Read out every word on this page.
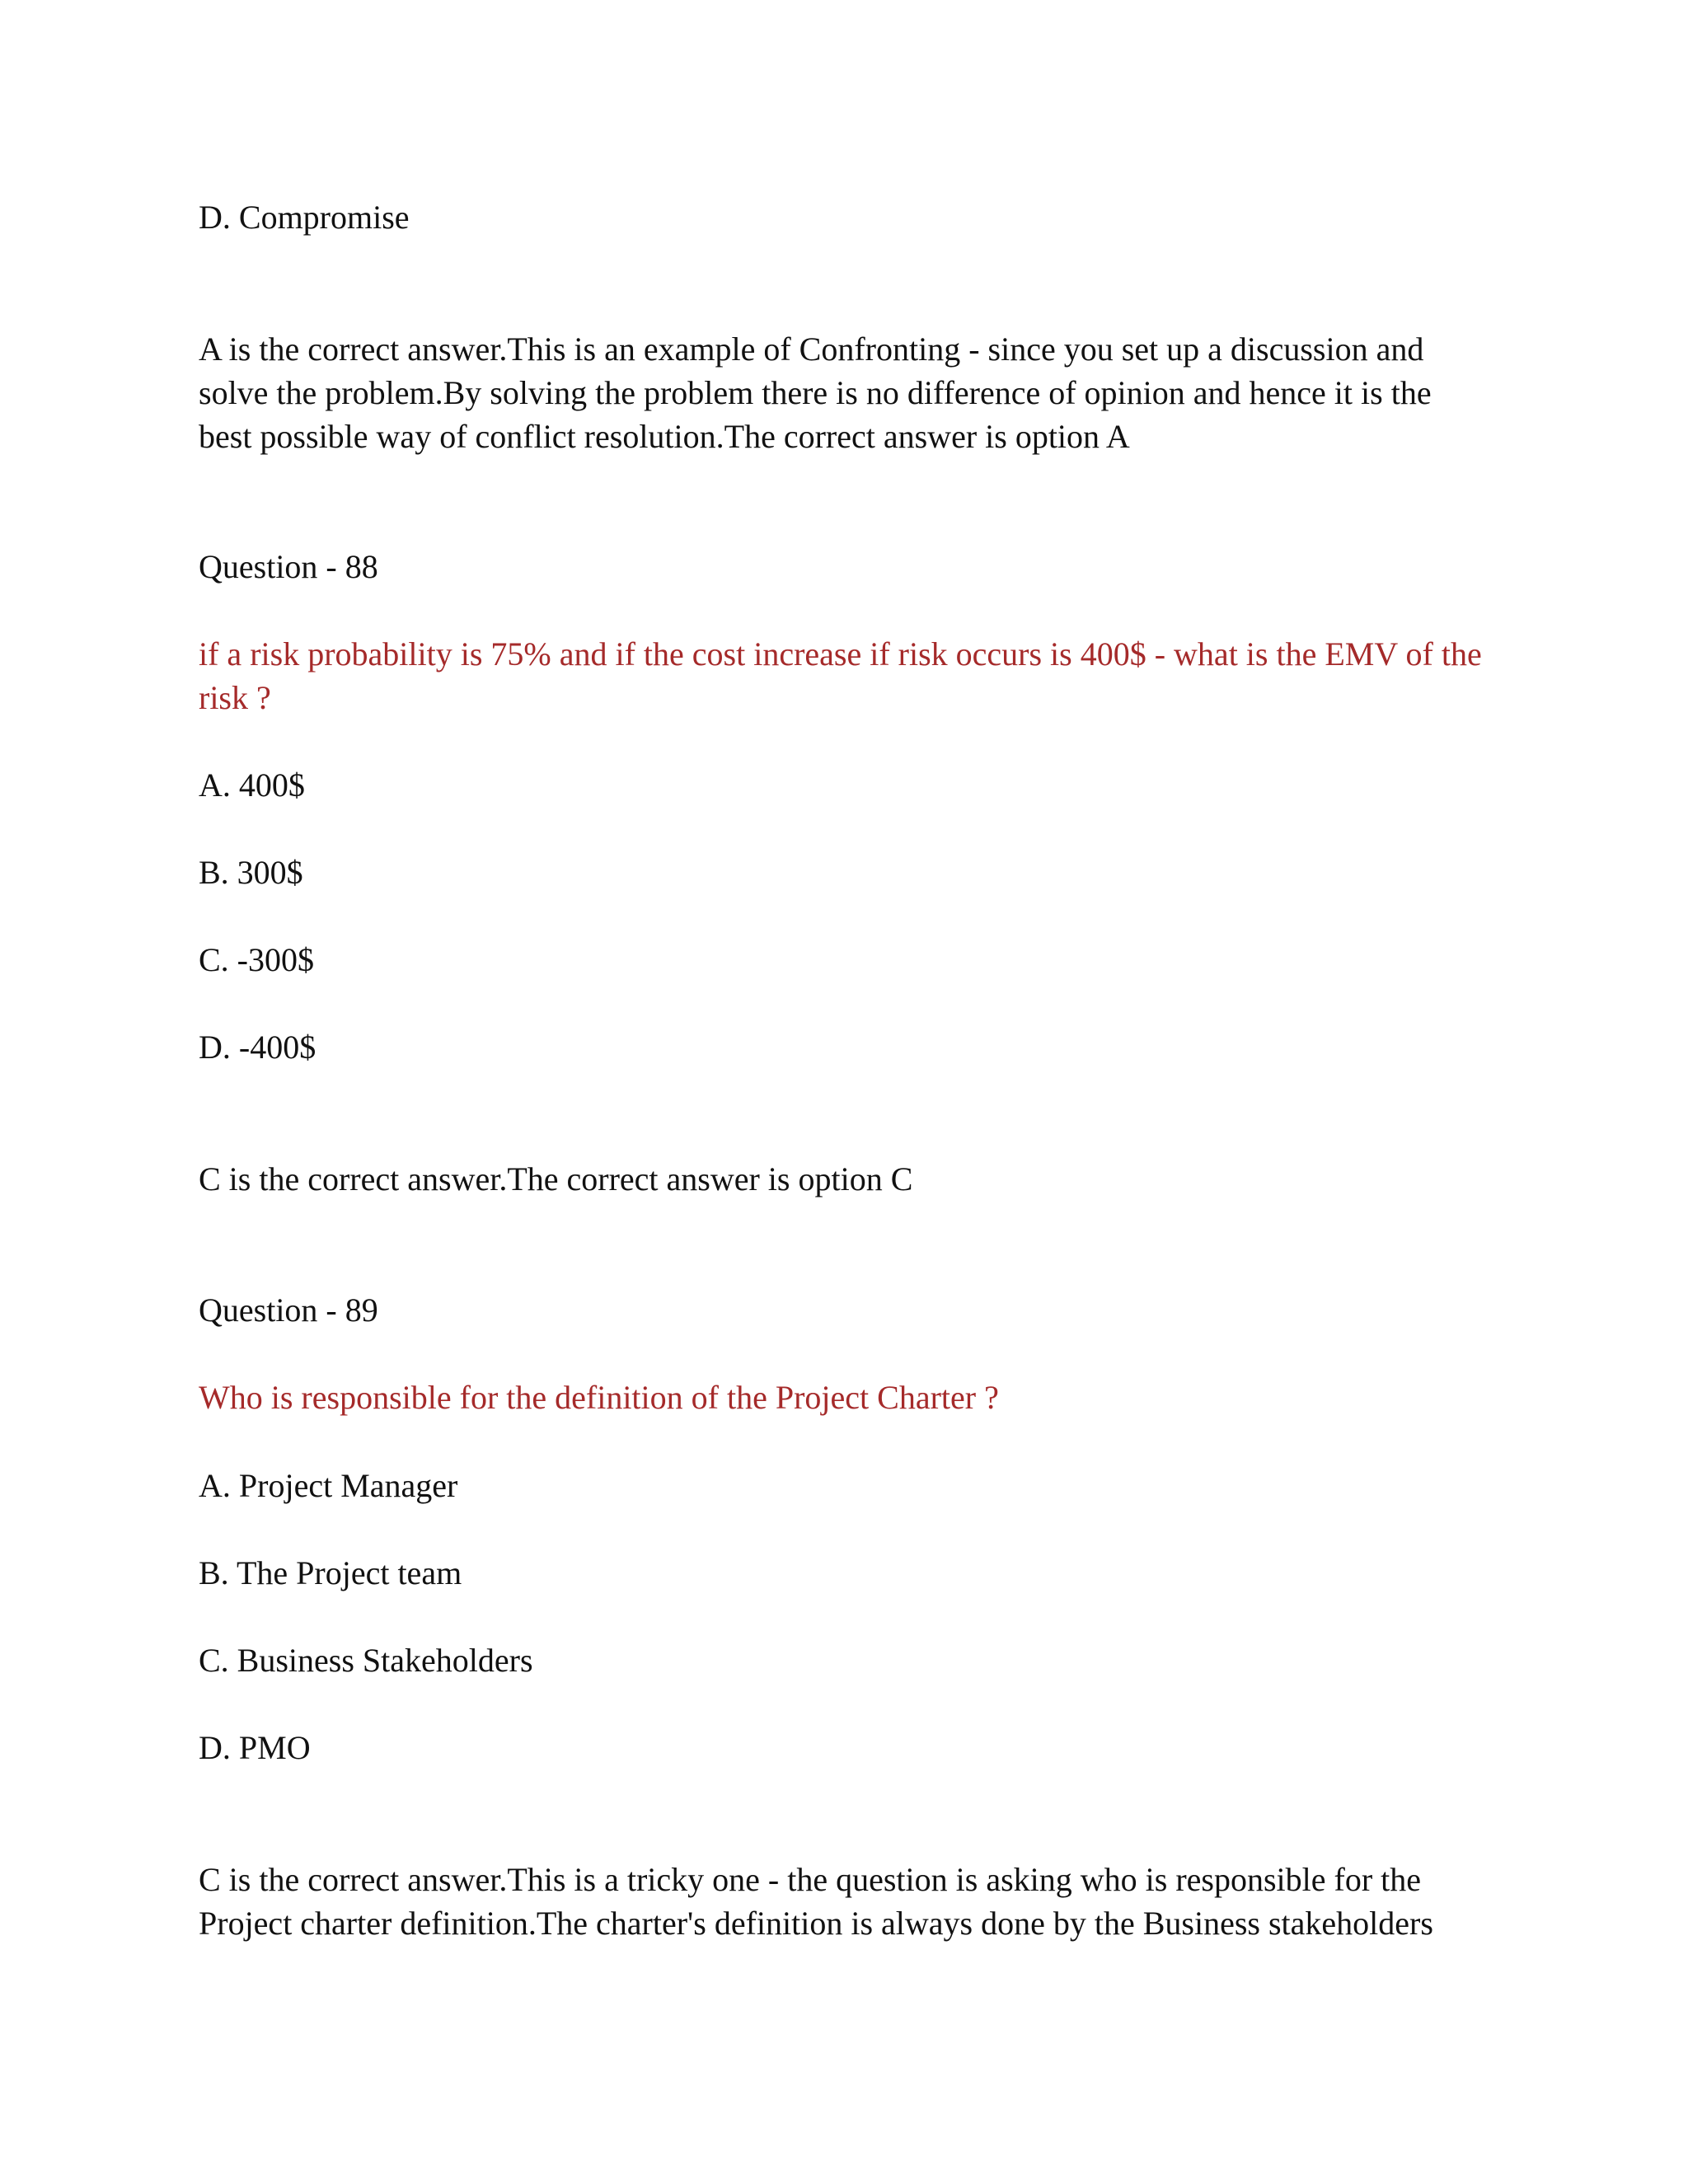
D. Compromise

A is the correct answer.This is an example of Confronting - since you set up a discussion and
solve the problem.By solving the problem there is no difference of opinion and hence it is the
best possible way of conflict resolution.The correct answer is option A

Question - 88

if a risk probability is 75% and if the cost increase if risk occurs is 400$ - what is the EMV of the
risk ?

A. 400$

B. 300$

C. -300$

D. -400$

C is the correct answer.The correct answer is option C

Question - 89

Who is responsible for the definition of the Project Charter ?

A. Project Manager

B. The Project team

C. Business Stakeholders

D. PMO

C is the correct answer.This is a tricky one - the question is asking who is responsible for the
Project charter definition.The charter's definition is always done by the Business stakeholders
